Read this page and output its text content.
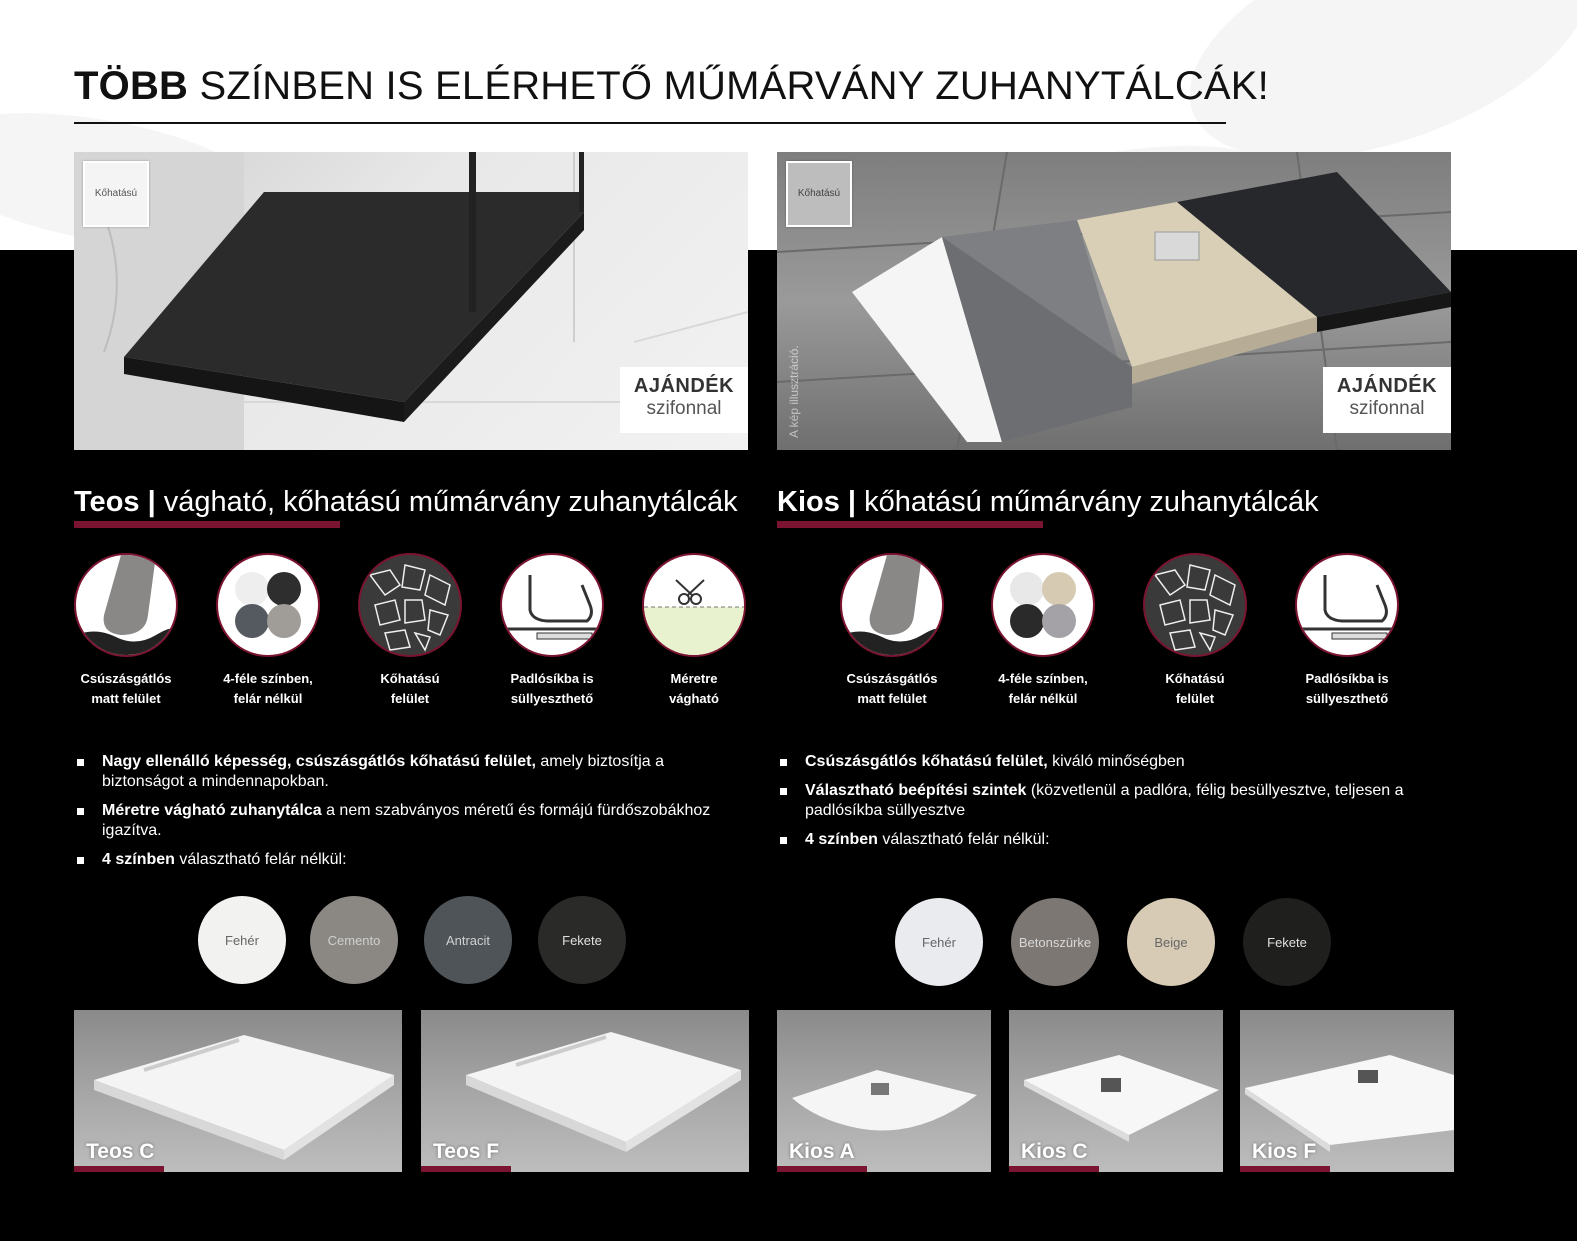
TÖBB SZÍNBEN IS ELÉRHETŐ MŰMÁRVÁNY ZUHANYTÁLCÁK!
Kőhatású
AJÁNDÉK
szifonnal
Kőhatású
A kép illusztráció.	AJÁNDÉK
szifonnal
Teos | vágható, kőhatású műmárvány zuhanytálcák Kios | kőhatású műmárvány zuhanytálcák
Csúszásgátlós
matt felület
4-féle színben,
felár nélkül
Kőhatású
felület
Padlósíkba is
süllyeszthető
Méretre
vágható
Csúszásgátlós
matt felület
4-féle színben,
felár nélkül
Kőhatású
felület
Padlósíkba is
süllyeszthető
Nagy ellenálló képesség, csúszásgátlós kőhatású felület, amely biztosítja a biztonságot a mindennapokban.
Méretre vágható zuhanytálca a nem szabványos méretű és formájú fürdőszobákhoz igazítva.
4 színben választható felár nélkül:
Csúszásgátlós kőhatású felület, kiváló minőségben
Választható beépítési szintek (közvetlenül a padlóra, félig besüllyesztve, teljesen a padlósíkba süllyesztve
4 színben választható felár nélkül:
Fehér	Cemento	Antracit	Fekete	Fehér	Betonszürke	Beige	Fekete
Teos C	Teos F	Kios A	Kios C	Kios F
